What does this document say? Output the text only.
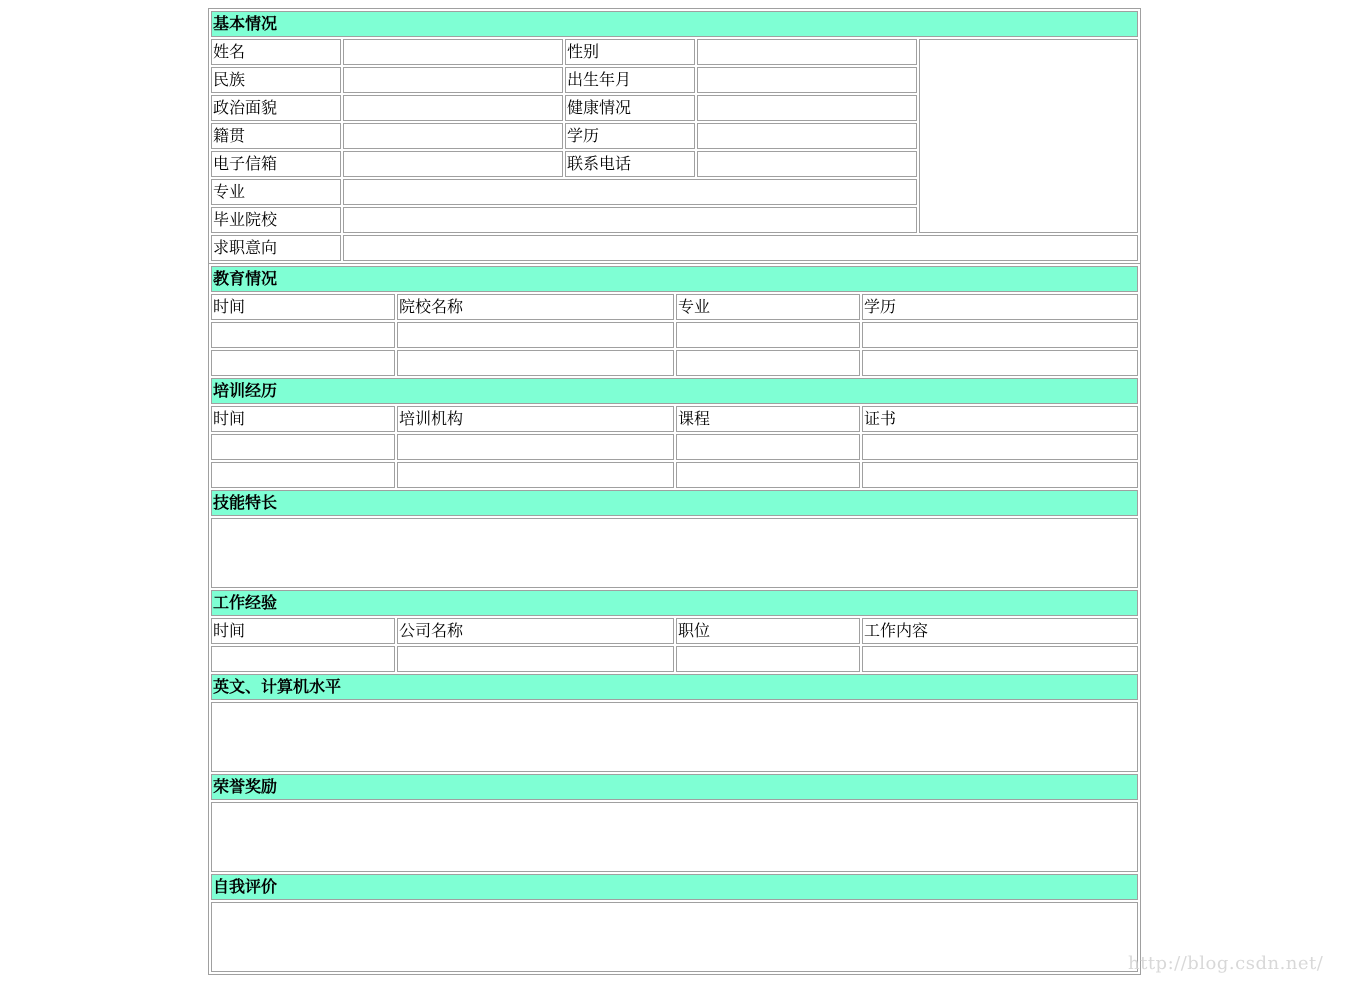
基本情况				
姓名		性别		
民族		出生年月		
政治面貌		健康情况		
籍贯		学历		
电子信箱		联系电话		
专业				
毕业院校				
求职意向				
教育情况			
时间	院校名称	专业	学历

培训经历			
时间	培训机构	课程	证书

技能特长			

工作经验			
时间	公司名称	职位	工作内容

英文、计算机水平			

荣誉奖励			

自我评价			

http://blog.csdn.net/
